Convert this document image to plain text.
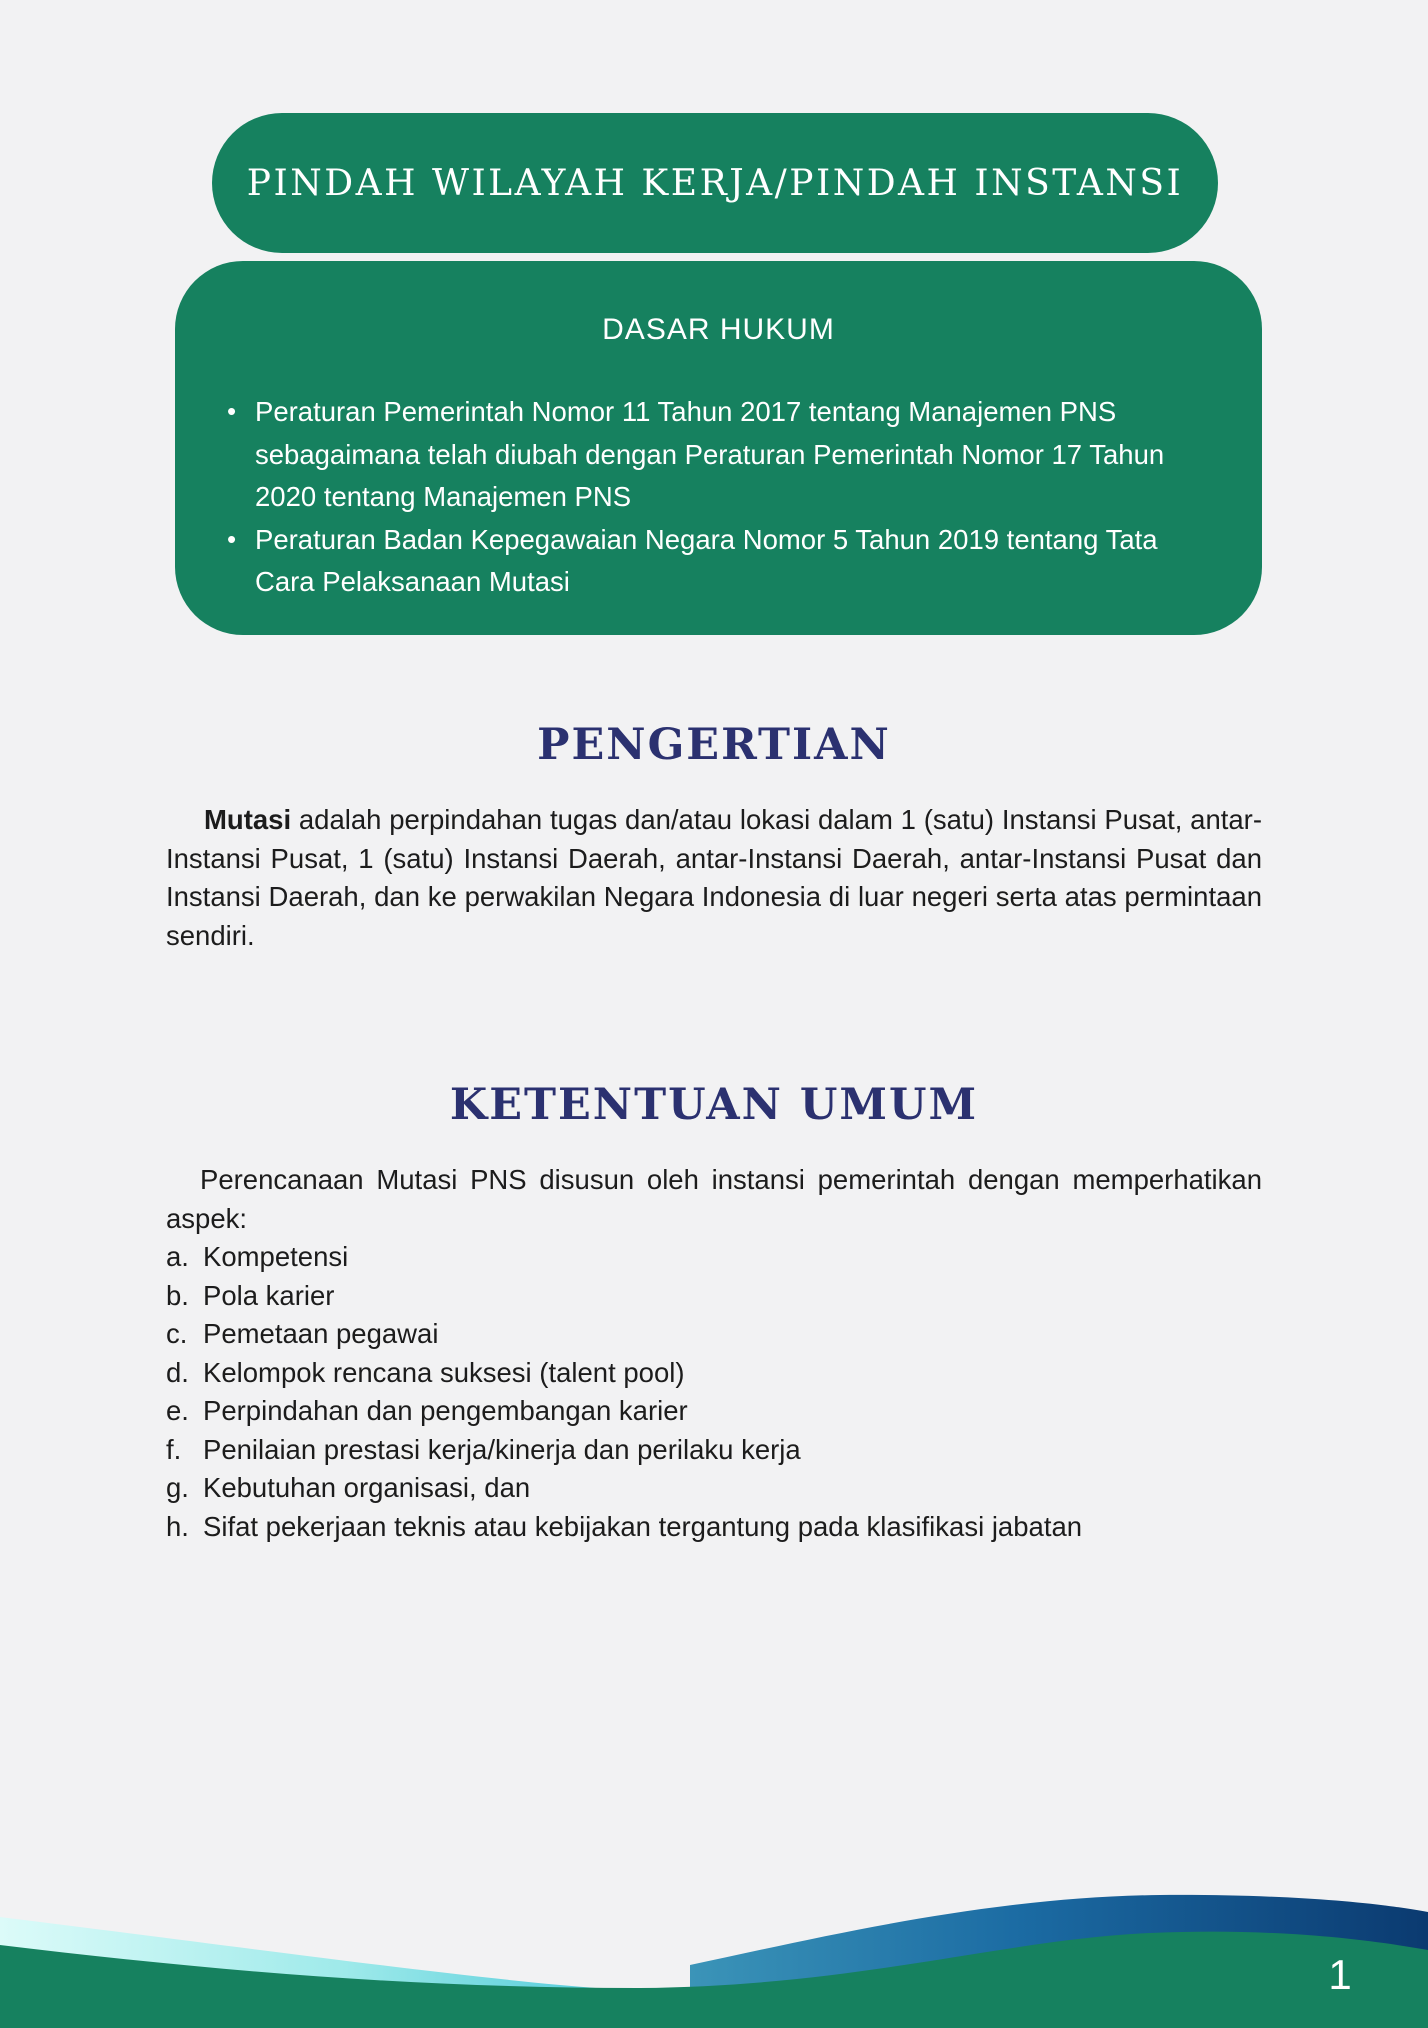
PINDAH WILAYAH KERJA/PINDAH INSTANSI
DASAR HUKUM
• Peraturan Pemerintah Nomor 11 Tahun 2017 tentang Manajemen PNS sebagaimana telah diubah dengan Peraturan Pemerintah Nomor 17 Tahun 2020 tentang Manajemen PNS
• Peraturan Badan Kepegawaian Negara Nomor 5 Tahun 2019 tentang Tata Cara Pelaksanaan Mutasi
PENGERTIAN

Mutasi adalah perpindahan tugas dan/atau lokasi dalam 1 (satu) Instansi Pusat, antar-Instansi Pusat, 1 (satu) Instansi Daerah, antar-Instansi Daerah, antar-Instansi Pusat dan Instansi Daerah, dan ke perwakilan Negara Indonesia di luar negeri serta atas permintaan sendiri.

KETENTUAN UMUM

Perencanaan Mutasi PNS disusun oleh instansi pemerintah dengan memperhatikan aspek:

a. Kompetensi
b. Pola karier
c. Pemetaan pegawai
d. Kelompok rencana suksesi (talent pool)
e. Perpindahan dan pengembangan karier
f. Penilaian prestasi kerja/kinerja dan perilaku kerja
g. Kebutuhan organisasi, dan
h. Sifat pekerjaan teknis atau kebijakan tergantung pada klasifikasi jabatan
1
